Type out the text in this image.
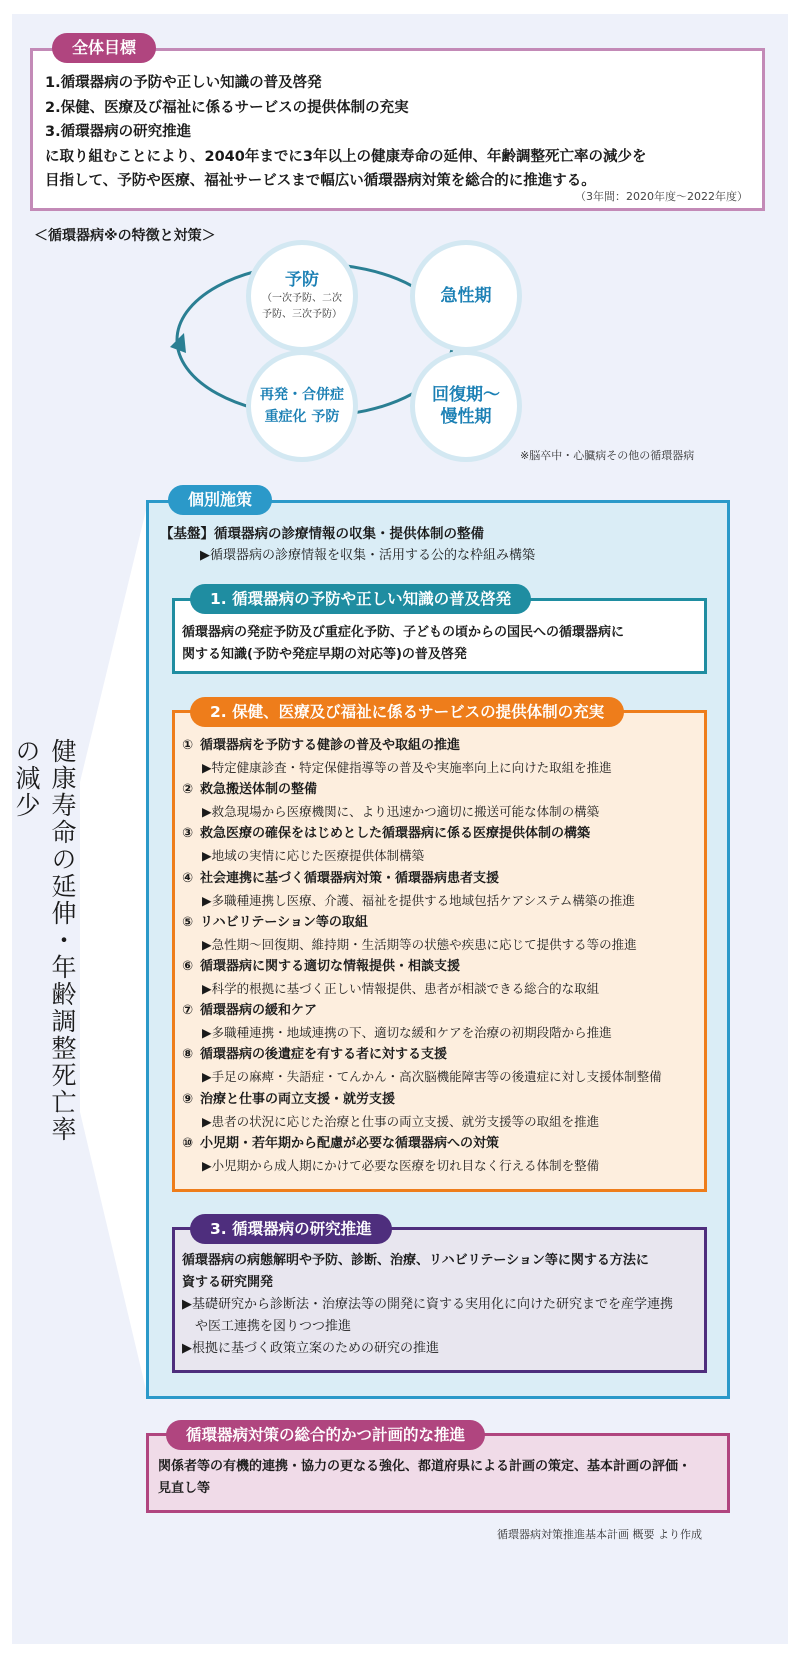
1.循環器病の予防や正しい知識の普及啓発
2.保健、医療及び福祉に係るサービスの提供体制の充実
3.循環器病の研究推進
に取り組むことにより、2040年までに3年以上の健康寿命の延伸、年齢調整死亡率の減少を
目指して、予防や医療、福祉サービスまで幅広い循環器病対策を総合的に推進する。
（3年間：2020年度～2022年度）
全体目標
＜循環器病※の特徴と対策＞
予防
（一次予防、二次
予防、三次予防）
急性期
回復期～
慢性期
再発・合併症
重症化 予防
※脳卒中・心臓病その他の循環器病
健康寿命の延伸・年齢調整死亡率の減少
個別施策
【基盤】循環器病の診療情報の収集・提供体制の整備
▶循環器病の診療情報を収集・活用する公的な枠組み構築
1. 循環器病の予防や正しい知識の普及啓発
循環器病の発症予防及び重症化予防、子どもの頃からの国民への循環器病に
関する知識(予防や発症早期の対応等)の普及啓発
2. 保健、医療及び福祉に係るサービスの提供体制の充実
① 循環器病を予防する健診の普及や取組の推進
▶特定健康診査・特定保健指導等の普及や実施率向上に向けた取組を推進
② 救急搬送体制の整備
▶救急現場から医療機関に、より迅速かつ適切に搬送可能な体制の構築
③ 救急医療の確保をはじめとした循環器病に係る医療提供体制の構築
▶地域の実情に応じた医療提供体制構築
④ 社会連携に基づく循環器病対策・循環器病患者支援
▶多職種連携し医療、介護、福祉を提供する地域包括ケアシステム構築の推進
⑤ リハビリテーション等の取組
▶急性期～回復期、維持期・生活期等の状態や疾患に応じて提供する等の推進
⑥ 循環器病に関する適切な情報提供・相談支援
▶科学的根拠に基づく正しい情報提供、患者が相談できる総合的な取組
⑦ 循環器病の緩和ケア
▶多職種連携・地域連携の下、適切な緩和ケアを治療の初期段階から推進
⑧ 循環器病の後遺症を有する者に対する支援
▶手足の麻痺・失語症・てんかん・高次脳機能障害等の後遺症に対し支援体制整備
⑨ 治療と仕事の両立支援・就労支援
▶患者の状況に応じた治療と仕事の両立支援、就労支援等の取組を推進
⑩ 小児期・若年期から配慮が必要な循環器病への対策
▶小児期から成人期にかけて必要な医療を切れ目なく行える体制を整備
3. 循環器病の研究推進
循環器病の病態解明や予防、診断、治療、リハビリテーション等に関する方法に
資する研究開発
▶基礎研究から診断法・治療法等の開発に資する実用化に向けた研究までを産学連携
　や医工連携を図りつつ推進
▶根拠に基づく政策立案のための研究の推進
循環器病対策の総合的かつ計画的な推進
関係者等の有機的連携・協力の更なる強化、都道府県による計画の策定、基本計画の評価・
見直し等
循環器病対策推進基本計画 概要 より作成
